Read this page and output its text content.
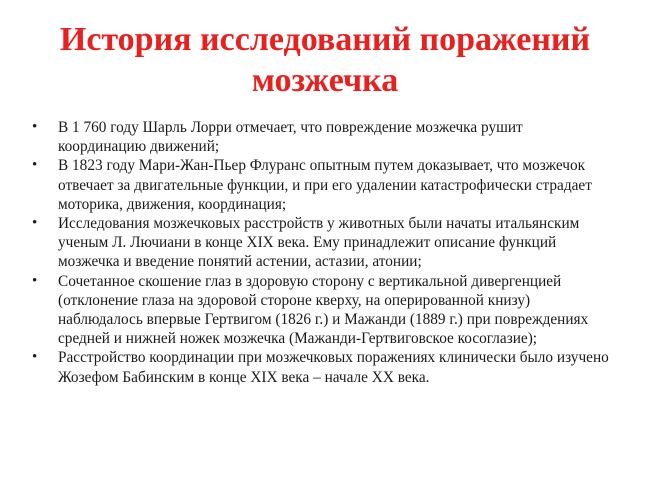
История исследований поражений
мозжечка
• В 1 760 году Шарль Лорри отмечает, что повреждение мозжечка рушит координацию движений;
• В 1823 году Мари-Жан-Пьер Флуранс опытным путем доказывает, что мозжечок отвечает за двигательные функции, и при его удалении катастрофически страдает моторика, движения, координация;
• Исследования мозжечковых расстройств у животных были начаты итальянским ученым Л. Лючиани в конце XIX века. Ему принадлежит описание функций мозжечка и введение понятий астении, астазии, атонии;
• Сочетанное скошение глаз в здоровую сторону с вертикальной дивергенцией (отклонение глаза на здоровой стороне кверху, на оперированной книзу) наблюдалось впервые Гертвигом (1826 г.) и Мажанди (1889 г.) при повреждениях средней и нижней ножек мозжечка (Мажанди-Гертвиговское косоглазие);
• Расстройство координации при мозжечковых поражениях клинически было изучено Жозефом Бабинским в конце XIX века – начале XX века.
